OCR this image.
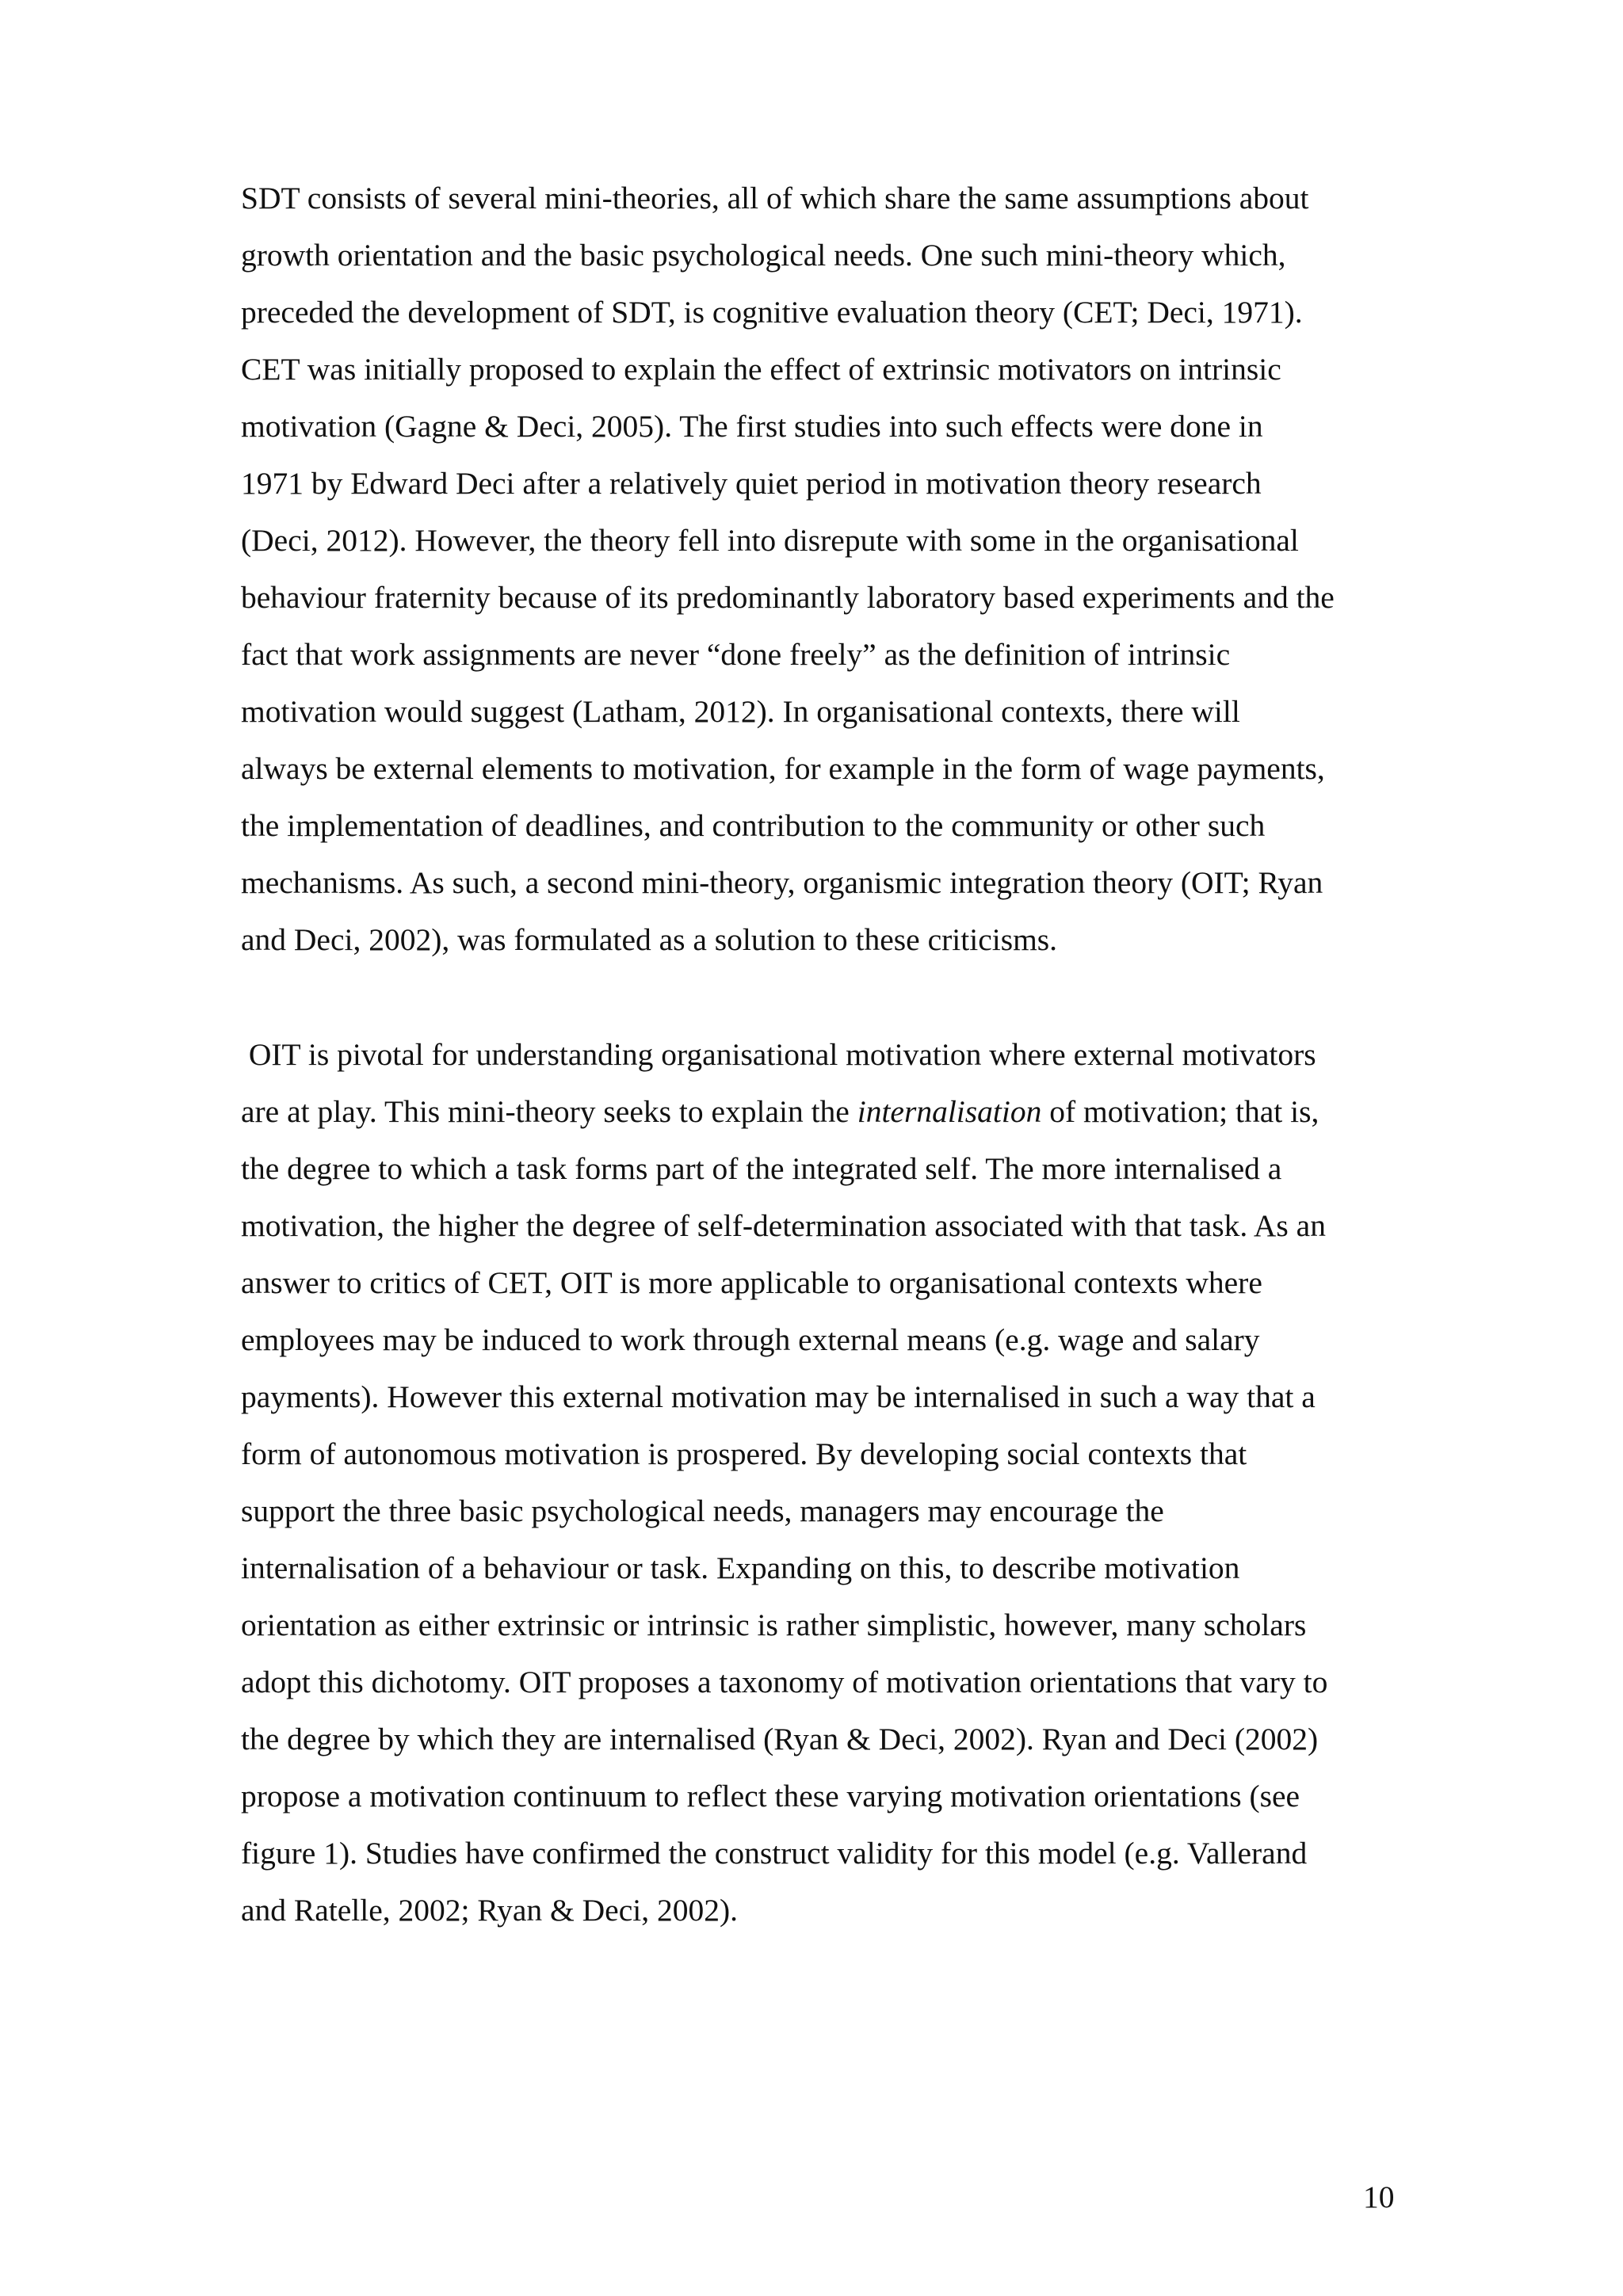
SDT consists of several mini-theories, all of which share the same assumptions about

growth orientation and the basic psychological needs. One such mini-theory which,

preceded the development of SDT, is cognitive evaluation theory (CET; Deci, 1971).

CET was initially proposed to explain the effect of extrinsic motivators on intrinsic

motivation (Gagne & Deci, 2005). The first studies into such effects were done in

1971 by Edward Deci after a relatively quiet period in motivation theory research

(Deci, 2012). However, the theory fell into disrepute with some in the organisational

behaviour fraternity because of its predominantly laboratory based experiments and the

fact that work assignments are never “done freely” as the definition of intrinsic

motivation would suggest (Latham, 2012). In organisational contexts, there will

always be external elements to motivation, for example in the form of wage payments,

the implementation of deadlines, and contribution to the community or other such

mechanisms. As such, a second mini-theory, organismic integration theory (OIT; Ryan

and Deci, 2002), was formulated as a solution to these criticisms.

OIT is pivotal for understanding organisational motivation where external motivators

are at play. This mini-theory seeks to explain the internalisation of motivation; that is,

the degree to which a task forms part of the integrated self. The more internalised a

motivation, the higher the degree of self-determination associated with that task. As an

answer to critics of CET, OIT is more applicable to organisational contexts where

employees may be induced to work through external means (e.g. wage and salary

payments). However this external motivation may be internalised in such a way that a

form of autonomous motivation is prospered. By developing social contexts that

support the three basic psychological needs, managers may encourage the

internalisation of a behaviour or task. Expanding on this, to describe motivation

orientation as either extrinsic or intrinsic is rather simplistic, however, many scholars

adopt this dichotomy. OIT proposes a taxonomy of motivation orientations that vary to

the degree by which they are internalised (Ryan & Deci, 2002). Ryan and Deci (2002)

propose a motivation continuum to reflect these varying motivation orientations (see

figure 1). Studies have confirmed the construct validity for this model (e.g. Vallerand

and Ratelle, 2002; Ryan & Deci, 2002).

10
